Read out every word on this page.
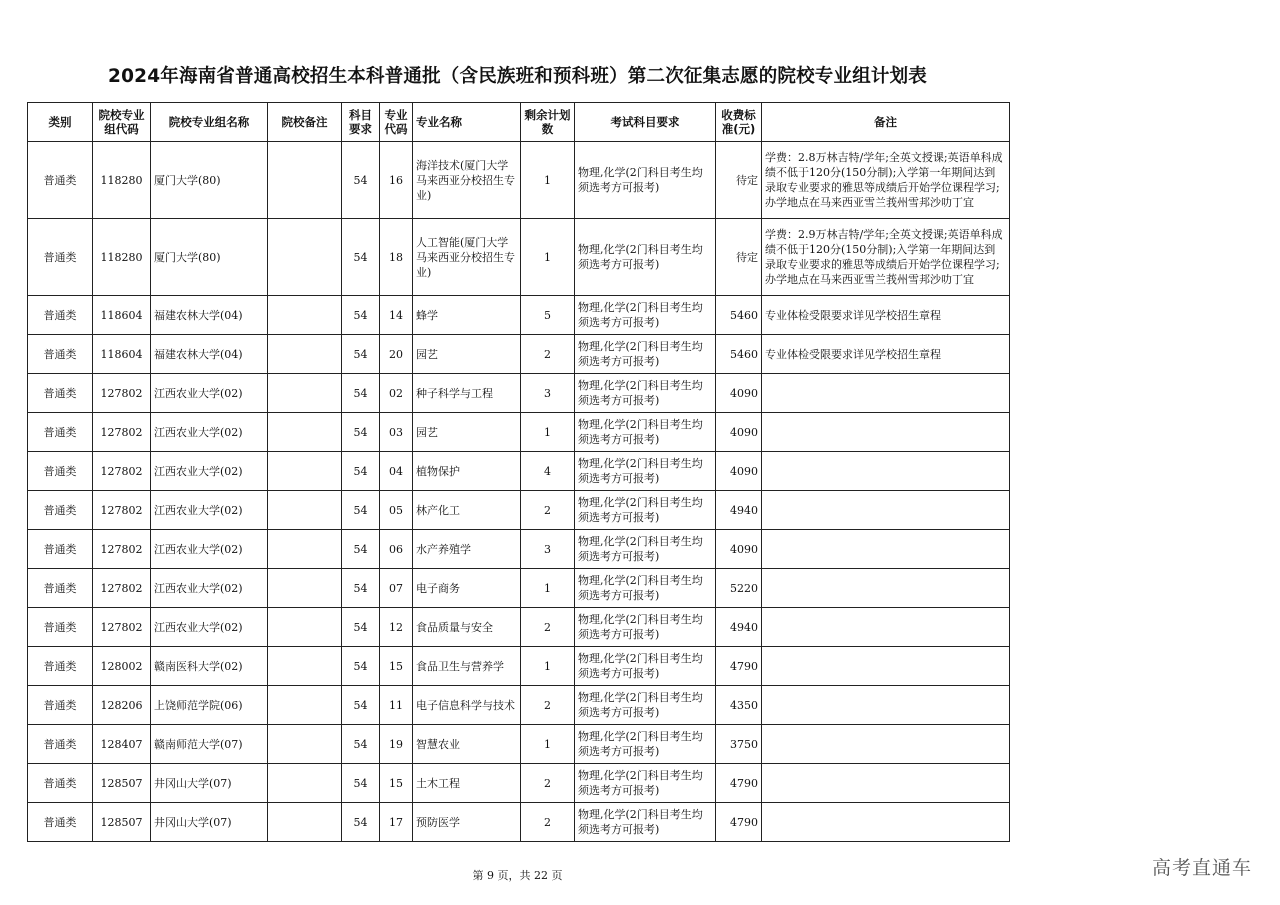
2024年海南省普通高校招生本科普通批（含民族班和预科班）第二次征集志愿的院校专业组计划表
类别	院校专业组代码	院校专业组名称	院校备注	科目要求	专业代码	专业名称	剩余计划数	考试科目要求	收费标准(元)	备注
普通类	118280	厦门大学(80)		54	16	海洋技术(厦门大学马来西亚分校招生专业)	1	物理,化学(2门科目考生均须选考方可报考)	待定	学费：2.8万林吉特/学年;全英文授课;英语单科成绩不低于120分(150分制);入学第一年期间达到录取专业要求的雅思等成绩后开始学位课程学习;办学地点在马来西亚雪兰莪州雪邦沙叻丁宜
普通类	118280	厦门大学(80)		54	18	人工智能(厦门大学马来西亚分校招生专业)	1	物理,化学(2门科目考生均须选考方可报考)	待定	学费：2.9万林吉特/学年;全英文授课;英语单科成绩不低于120分(150分制);入学第一年期间达到录取专业要求的雅思等成绩后开始学位课程学习;办学地点在马来西亚雪兰莪州雪邦沙叻丁宜
普通类	118604	福建农林大学(04)		54	14	蜂学	5	物理,化学(2门科目考生均须选考方可报考)	5460	专业体检受限要求详见学校招生章程
普通类	118604	福建农林大学(04)		54	20	园艺	2	物理,化学(2门科目考生均须选考方可报考)	5460	专业体检受限要求详见学校招生章程
普通类	127802	江西农业大学(02)		54	02	种子科学与工程	3	物理,化学(2门科目考生均须选考方可报考)	4090	
普通类	127802	江西农业大学(02)		54	03	园艺	1	物理,化学(2门科目考生均须选考方可报考)	4090	
普通类	127802	江西农业大学(02)		54	04	植物保护	4	物理,化学(2门科目考生均须选考方可报考)	4090	
普通类	127802	江西农业大学(02)		54	05	林产化工	2	物理,化学(2门科目考生均须选考方可报考)	4940	
普通类	127802	江西农业大学(02)		54	06	水产养殖学	3	物理,化学(2门科目考生均须选考方可报考)	4090	
普通类	127802	江西农业大学(02)		54	07	电子商务	1	物理,化学(2门科目考生均须选考方可报考)	5220	
普通类	127802	江西农业大学(02)		54	12	食品质量与安全	2	物理,化学(2门科目考生均须选考方可报考)	4940	
普通类	128002	赣南医科大学(02)		54	15	食品卫生与营养学	1	物理,化学(2门科目考生均须选考方可报考)	4790	
普通类	128206	上饶师范学院(06)		54	11	电子信息科学与技术	2	物理,化学(2门科目考生均须选考方可报考)	4350	
普通类	128407	赣南师范大学(07)		54	19	智慧农业	1	物理,化学(2门科目考生均须选考方可报考)	3750	
普通类	128507	井冈山大学(07)		54	15	土木工程	2	物理,化学(2门科目考生均须选考方可报考)	4790	
普通类	128507	井冈山大学(07)		54	17	预防医学	2	物理,化学(2门科目考生均须选考方可报考)	4790	
第 9 页，共 22 页	高考直通车
